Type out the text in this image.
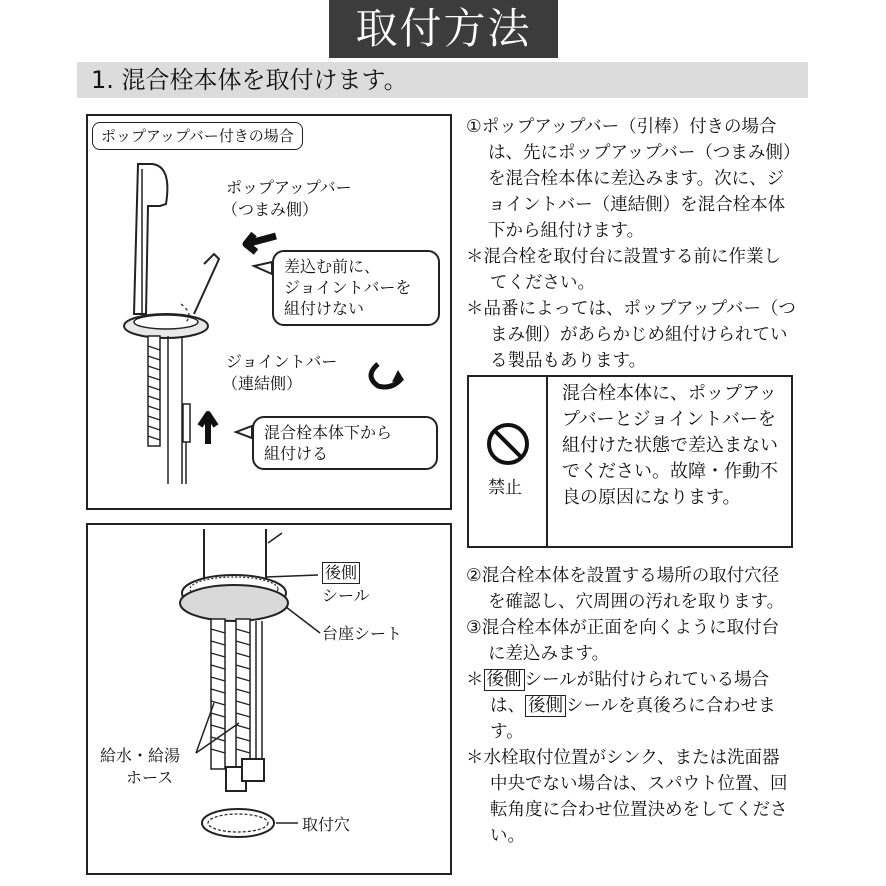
取付方法
1. 混合栓本体を取付けます。
ポップアップバー付きの場合
ポップアップバー
（つまみ側）
差込む前に、
ジョイントバーを
組付けない
ジョイントバー
（連結側）
混合栓本体下から
組付ける
後側
シール
台座シート
給水・給湯
ホース
取付穴

①ポップアップバー（引棒）付きの場合は、先にポップアップバー（つまみ側）を混合栓本体に差込みます。次に、ジョイントバー（連結側）を混合栓本体下から組付けます。

＊混合栓を取付台に設置する前に作業してください。

＊品番によっては、ポップアップバー（つまみ側）があらかじめ組付けられている製品もあります。

禁止
混合栓本体に、ポップアップバーとジョイントバーを組付けた状態で差込まないでください。故障・作動不良の原因になります。

②混合栓本体を設置する場所の取付穴径を確認し、穴周囲の汚れを取ります。

③混合栓本体が正面を向くように取付台に差込みます。

＊ 後側 シールが貼付けられている場合は、 後側 シールを真後ろに合わせます。

＊水栓取付位置がシンク、または洗面器中央でない場合は、スパウト位置、回転角度に合わせ位置決めをしてください。
